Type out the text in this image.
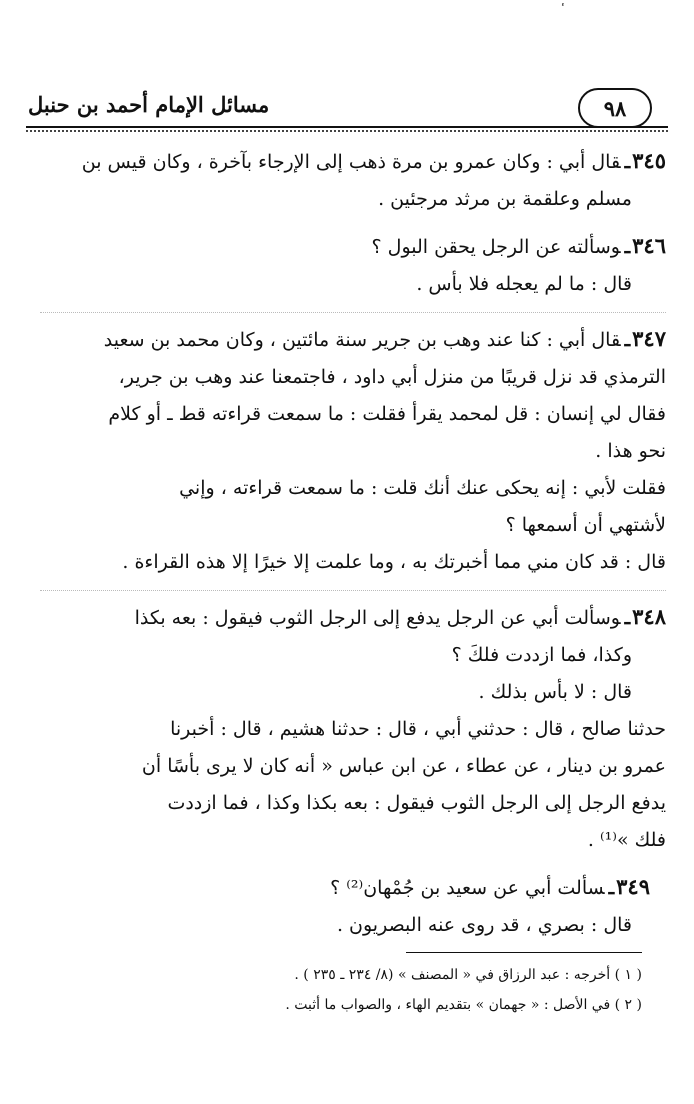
٩٨
مسائل الإمام أحمد بن حنبل
٣٤٥ـقال أبي : وكان عمرو بن مرة ذهب إلى الإرجاء بآخرة ، وكان قيس بن
مسلم وعلقمة بن مرثد مرجئين .
٣٤٦ـوسألته عن الرجل يحقن البول ؟
قال : ما لم يعجله فلا بأس .
٣٤٧ـقال أبي : كنا عند وهب بن جرير سنة مائتين ، وكان محمد بن سعيد
الترمذي قد نزل قريبًا من منزل أبي داود ، فاجتمعنا عند وهب بن جرير،
فقال لي إنسان : قل لمحمد يقرأ فقلت : ما سمعت قراءته قط ـ أو كلام
نحو هذا .
فقلت لأبي : إنه يحكى عنك أنك قلت : ما سمعت قراءته ، وإني
لأشتهي أن أسمعها ؟
قال : قد كان مني مما أخبرتك به ، وما علمت إلا خيرًا إلا هذه القراءة .
٣٤٨ـوسألت أبي عن الرجل يدفع إلى الرجل الثوب فيقول : بعه بكذا
وكذا، فما ازددت فلكَ ؟
قال : لا بأس بذلك .
حدثنا صالح ، قال : حدثني أبي ، قال : حدثنا هشيم ، قال : أخبرنا
عمرو بن دينار ، عن عطاء ، عن ابن عباس « أنه كان لا يرى بأسًا أن
يدفع الرجل إلى الرجل الثوب فيقول : بعه بكذا وكذا ، فما ازددت
فلك »⁽¹⁾ .
٣٤٩ـسألت أبي عن سعيد بن جُمْهان⁽²⁾ ؟
قال : بصري ، قد روى عنه البصريون .
( ١ ) أخرجه : عبد الرزاق في « المصنف » (٨/ ٢٣٤ ـ ٢٣٥ ) .
( ٢ ) في الأصل : « جهمان » بتقديم الهاء ، والصواب ما أثبت .
